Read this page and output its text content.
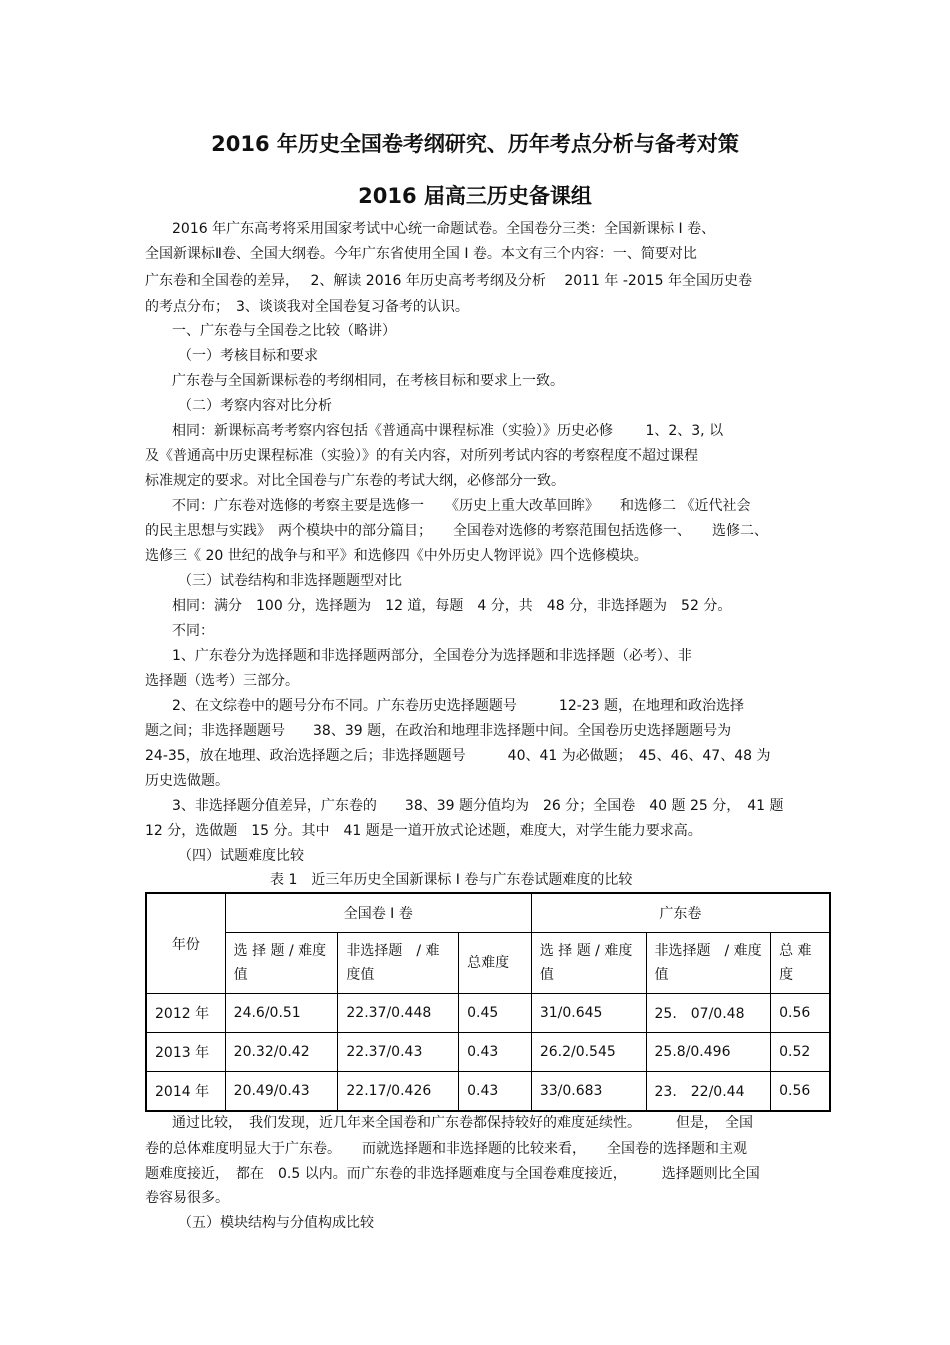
2016 年历史全国卷考纲研究、历年考点分析与备考对策
2016 届高三历史备课组
2016 年广东高考将采用国家考试中心统一命题试卷。全国卷分三类：全国新课标 I 卷、
全国新课标Ⅱ卷、全国大纲卷。今年广东省使用全国 I 卷。本文有三个内容：一、简要对比
广东卷和全国卷的差异，　 2、解读 2016 年历史高考考纲及分析　 2011 年 -2015 年全国历史卷
的考点分布；　3、谈谈我对全国卷复习备考的认识。
一、广东卷与全国卷之比较（略讲）
（一）考核目标和要求
广东卷与全国新课标卷的考纲相同，在考核目标和要求上一致。
（二）考察内容对比分析
相同：新课标高考考察内容包括《普通高中课程标准（实验）》历史必修　　 1、2、3, 以
及《普通高中历史课程标准（实验）》的有关内容，对所列考试内容的考察程度不超过课程
标准规定的要求。对比全国卷与广东卷的考试大纲，必修部分一致。
不同：广东卷对选修的考察主要是选修一　　《历史上重大改革回眸》　　和选修二 《近代社会
的民主思想与实践》　两个模块中的部分篇目；　　全国卷对选修的考察范围包括选修一、　　选修二、
选修三《 20 世纪的战争与和平》和选修四《中外历史人物评说》四个选修模块。
（三）试卷结构和非选择题题型对比
相同：满分　100 分，选择题为　12 道，每题　4 分，共　48 分，非选择题为　52 分。
不同：
1、广东卷分为选择题和非选择题两部分，全国卷分为选择题和非选择题（必考）、非
选择题（选考）三部分。
2、在文综卷中的题号分布不同。广东卷历史选择题题号　　　12-23 题，在地理和政治选择
题之间；非选择题题号　　38、39 题，在政治和地理非选择题中间。全国卷历史选择题题号为
24-35，放在地理、政治选择题之后；非选择题题号　　　40、41 为必做题；　45、46、47、48 为
历史选做题。
3、非选择题分值差异，广东卷的　　38、39 题分值均为　26 分；全国卷　40 题 25 分，　41 题
12 分，选做题　15 分。其中　41 题是一道开放式论述题，难度大，对学生能力要求高。
（四）试题难度比较
表 1　近三年历史全国新课标 I 卷与广东卷试题难度的比较
年份	全国卷 I 卷			广东卷		
	选 择 题 / 难度值	非选择题　/ 难度值	总难度	选 择 题 / 难度值	非选择题　/ 难度值	总 难度
2012 年	24.6/0.51	22.37/0.448	0.45	31/0.645	25.　07/0.48	0.56
2013 年	20.32/0.42	22.37/0.43	0.43	26.2/0.545	25.8/0.496	0.52
2014 年	20.49/0.43	22.17/0.426	0.43	33/0.683	23.　22/0.44	0.56
通过比较，　我们发现，近几年来全国卷和广东卷都保持较好的难度延续性。　　　但是，　全国
卷的总体难度明显大于广东卷。　　而就选择题和非选择题的比较来看，　　全国卷的选择题和主观
题难度接近，　都在　0.5 以内。而广东卷的非选择题难度与全国卷难度接近，　　　选择题则比全国
卷容易很多。
（五）模块结构与分值构成比较
